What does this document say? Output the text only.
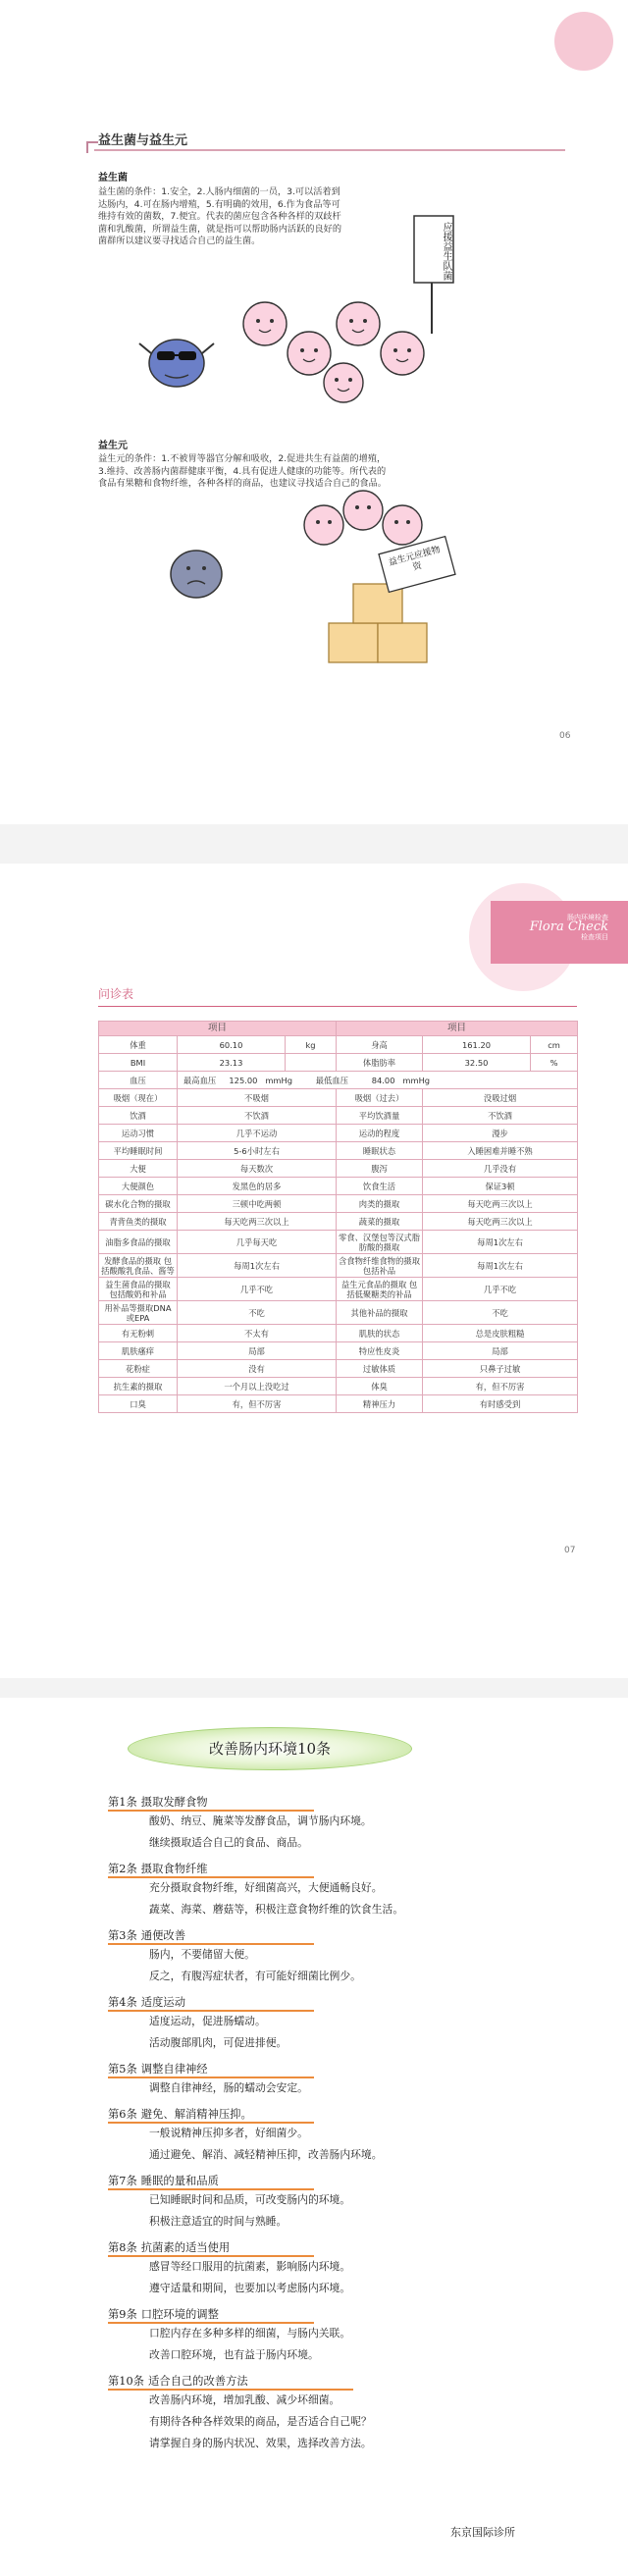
益生菌与益生元
益生菌
益生菌的条件：1.安全，2.人肠内细菌的一员，3.可以活着到
达肠内，4.可在肠内增殖，5.有明确的效用，6.作为食品等可
维持有效的菌数，7.便宜。代表的菌应包含各种各样的双歧杆
菌和乳酸菌，所谓益生菌，就是指可以帮助肠内活跃的良好的
菌群所以建议要寻找适合自己的益生菌。	应援益生队菌
益生元
益生元的条件：1.不被胃等器官分解和吸收，2.促进共生有益菌的增殖，
3.维持、改善肠内菌群健康平衡，4.具有促进人健康的功能等。所代表的
食品有果糖和食物纤维，各种各样的商品，也建议寻找适合自己的食品。
益生元应援物资
06
肠内环境检查
Flora Check
检查项目
问诊表
项目			项目		
体重	60.10	kg	身高	161.20	cm
BMI	23.13		体脂肪率	32.50	%
血压	最高血压 125.00 mmHg 最低血压 84.00 mmHg				
吸烟（现在）	不吸烟		吸烟（过去）	没吸过烟	
饮酒	不饮酒		平均饮酒量	不饮酒	
运动习惯	几乎不运动		运动的程度	漫步	
平均睡眠时间	5-6小时左右		睡眠状态	入睡困难并睡不熟	
大便	每天数次		腹泻	几乎没有	
大便颜色	发黑色的居多		饮食生活	保证3顿	
碳水化合物的摄取	三顿中吃两顿		肉类的摄取	每天吃两三次以上	
青背鱼类的摄取	每天吃两三次以上		蔬菜的摄取	每天吃两三次以上	
油脂多食品的摄取	几乎每天吃		零食、汉堡包等汉式脂肪酸的摄取	每周1次左右	
发酵食品的摄取 包括酸酸乳食品、酱等	每周1次左右		含食物纤维食物的摄取 包括补品	每周1次左右	
益生菌食品的摄取 包括酸奶和补品	几乎不吃		益生元食品的摄取 包括低聚糖类的补品	几乎不吃	
用补品等摄取DNA或EPA	不吃		其他补品的摄取	不吃	
有无粉刺	不太有		肌肤的状态	总是皮肤粗糙	
肌肤瘙痒	局部		特应性皮炎	局部	
花粉症	没有		过敏体质	只鼻子过敏	
抗生素的摄取	一个月以上没吃过		体臭	有，但不厉害	
口臭	有，但不厉害		精神压力	有时感受到	
07
改善肠内环境10条
第1条 摄取发酵食物
酸奶、纳豆、腌菜等发酵食品，调节肠内环境。
继续摄取适合自己的食品、商品。
第2条 摄取食物纤维
充分摄取食物纤维，好细菌高兴，大便通畅良好。
蔬菜、海菜、蘑菇等，积极注意食物纤维的饮食生活。
第3条 通便改善
肠内，不要储留大便。
反之，有腹泻症状者，有可能好细菌比例少。
第4条 适度运动
适度运动，促进肠蠕动。
活动腹部肌肉，可促进排便。
第5条 调整自律神经
调整自律神经，肠的蠕动会安定。
第6条 避免、解消精神压抑。
一般说精神压抑多者，好细菌少。
通过避免、解消、减轻精神压抑，改善肠内环境。
第7条 睡眠的量和品质
已知睡眠时间和品质，可改变肠内的环境。
积极注意适宜的时间与熟睡。
第8条 抗菌素的适当使用
感冒等经口服用的抗菌素，影响肠内环境。
遵守适量和期间，也要加以考虑肠内环境。
第9条 口腔环境的调整
口腔内存在多种多样的细菌，与肠内关联。
改善口腔环境，也有益于肠内环境。
第10条 适合自己的改善方法
改善肠内环境，增加乳酸、减少坏细菌。
有期待各种各样效果的商品，是否适合自己呢？
请掌握自身的肠内状况、效果，选择改善方法。
东京国际诊所
